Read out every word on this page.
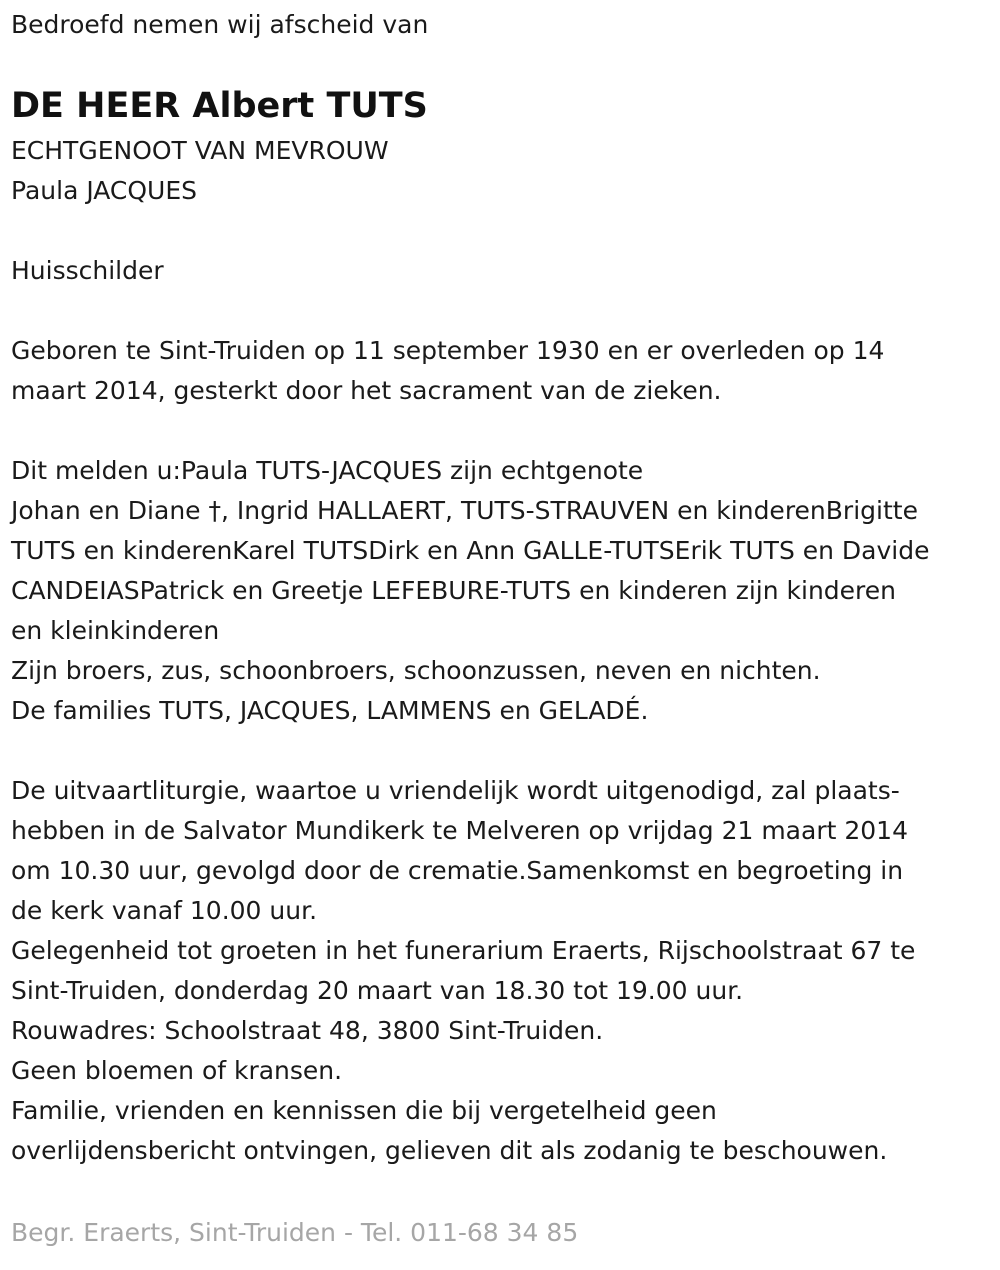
Bedroefd nemen wij afscheid van
DE HEER Albert TUTS
ECHTGENOOT VAN MEVROUW
Paula JACQUES
Huisschilder
Geboren te Sint-Truiden op 11 september 1930 en er overleden op 14
maart 2014, gesterkt door het sacrament van de zieken.
Dit melden u:Paula TUTS-JACQUES zijn echtgenote
Johan en Diane †, Ingrid HALLAERT, TUTS-STRAUVEN en kinderenBrigitte
TUTS en kinderenKarel TUTSDirk en Ann GALLE-TUTSErik TUTS en Davide
CANDEIASPatrick en Greetje LEFEBURE-TUTS en kinderen zijn kinderen
en kleinkinderen
Zijn broers, zus, schoonbroers, schoonzussen, neven en nichten.
De families TUTS, JACQUES, LAMMENS en GELADÉ.
De uitvaartliturgie, waartoe u vriendelijk wordt uitgenodigd, zal plaats-
hebben in de Salvator Mundikerk te Melveren op vrijdag 21 maart 2014
om 10.30 uur, gevolgd door de crematie.Samenkomst en begroeting in
de kerk vanaf 10.00 uur.
Gelegenheid tot groeten in het funerarium Eraerts, Rijschoolstraat 67 te
Sint-Truiden, donderdag 20 maart van 18.30 tot 19.00 uur.
Rouwadres: Schoolstraat 48, 3800 Sint-Truiden.
Geen bloemen of kransen.
Familie, vrienden en kennissen die bij vergetelheid geen
overlijdensbericht ontvingen, gelieven dit als zodanig te beschouwen.
Begr. Eraerts, Sint-Truiden - Tel. 011-68 34 85
